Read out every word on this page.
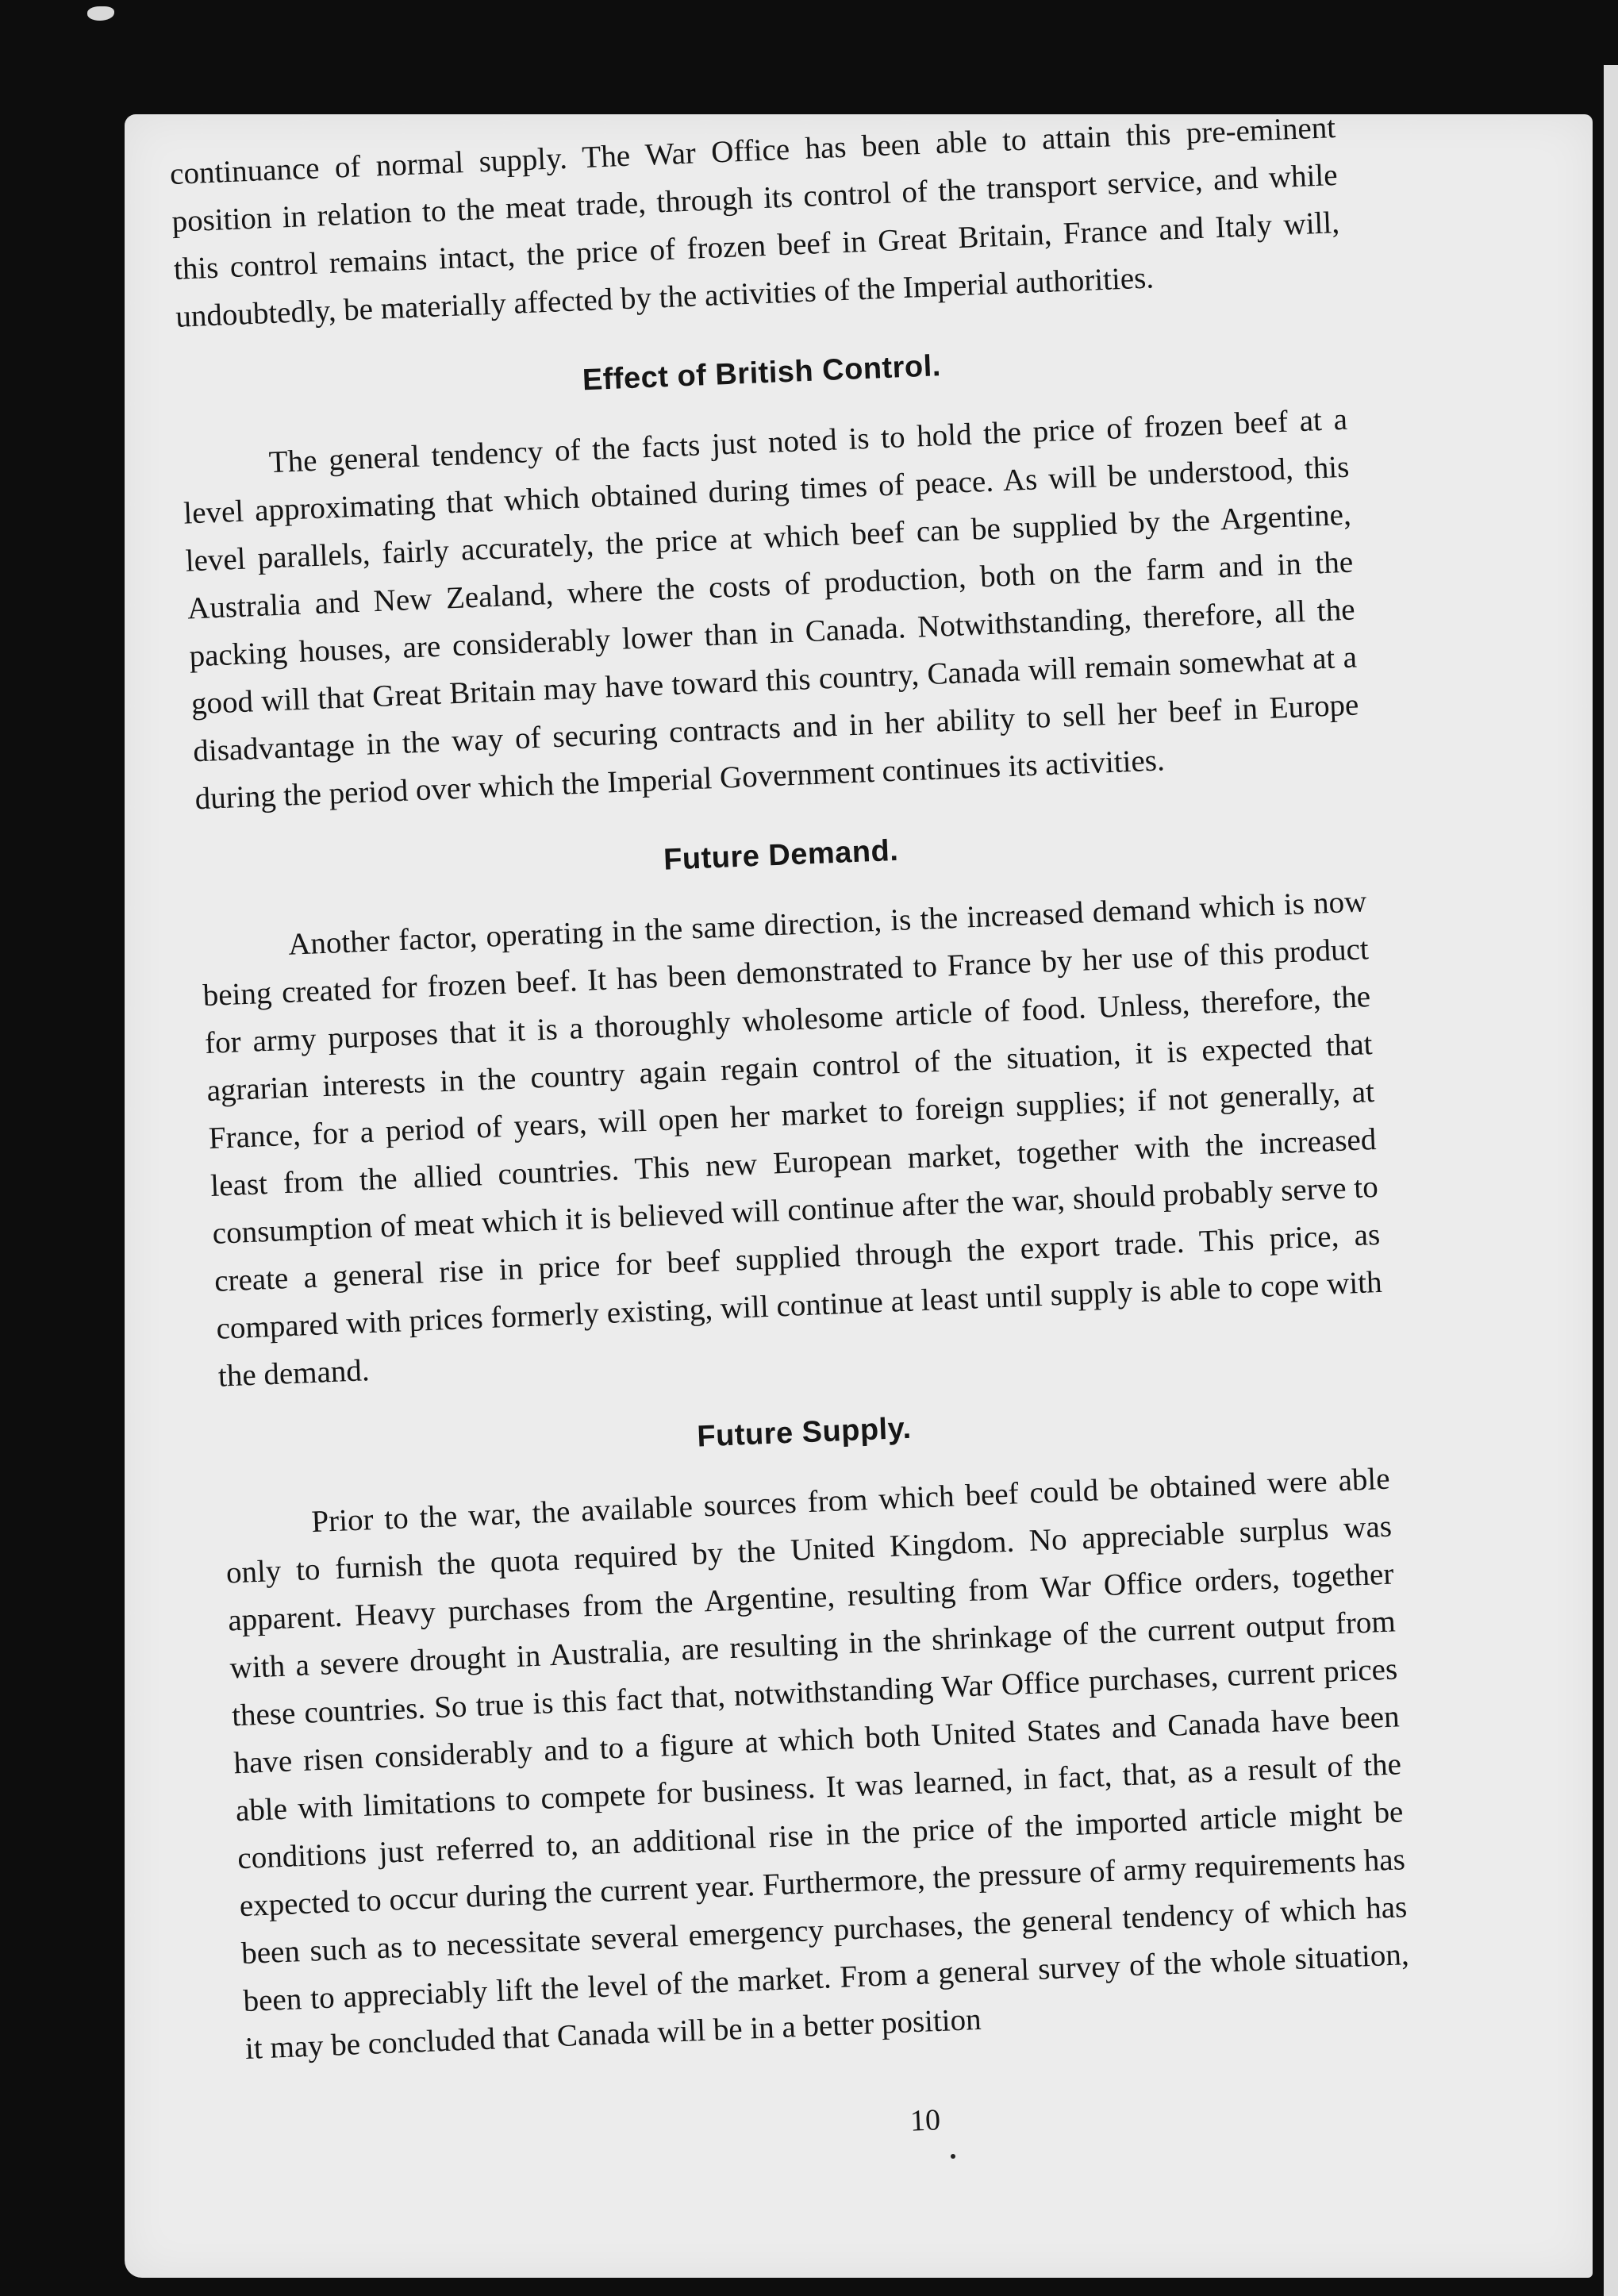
continuance of normal supply. The War Office has been able to attain this pre-eminent position in relation to the meat trade, through its control of the transport service, and while this control remains intact, the price of frozen beef in Great Britain, France and Italy will, undoubtedly, be materially affected by the activities of the Imperial authorities.

Effect of British Control.

The general tendency of the facts just noted is to hold the price of frozen beef at a level approximating that which obtained during times of peace. As will be understood, this level parallels, fairly accurately, the price at which beef can be supplied by the Argentine, Australia and New Zealand, where the costs of production, both on the farm and in the packing houses, are considerably lower than in Canada. Notwithstanding, therefore, all the good will that Great Britain may have toward this country, Canada will remain somewhat at a disadvantage in the way of securing contracts and in her ability to sell her beef in Europe during the period over which the Imperial Government continues its activities.

Future Demand.

Another factor, operating in the same direction, is the increased demand which is now being created for frozen beef. It has been demonstrated to France by her use of this product for army purposes that it is a thoroughly wholesome article of food. Unless, therefore, the agrarian interests in the country again regain control of the situation, it is expected that France, for a period of years, will open her market to foreign supplies; if not generally, at least from the allied countries. This new European market, together with the increased consumption of meat which it is believed will continue after the war, should probably serve to create a general rise in price for beef supplied through the export trade. This price, as compared with prices formerly existing, will continue at least until supply is able to cope with the demand.

Future Supply.

Prior to the war, the available sources from which beef could be obtained were able only to furnish the quota required by the United Kingdom. No appreciable surplus was apparent. Heavy purchases from the Argentine, resulting from War Office orders, together with a severe drought in Australia, are resulting in the shrinkage of the current output from these countries. So true is this fact that, notwithstanding War Office purchases, current prices have risen considerably and to a figure at which both United States and Canada have been able with limitations to compete for business. It was learned, in fact, that, as a result of the conditions just referred to, an additional rise in the price of the imported article might be expected to occur during the current year. Furthermore, the pressure of army requirements has been such as to necessitate several emergency purchases, the general tendency of which has been to appreciably lift the level of the market. From a general survey of the whole situation, it may be concluded that Canada will be in a better position

10
